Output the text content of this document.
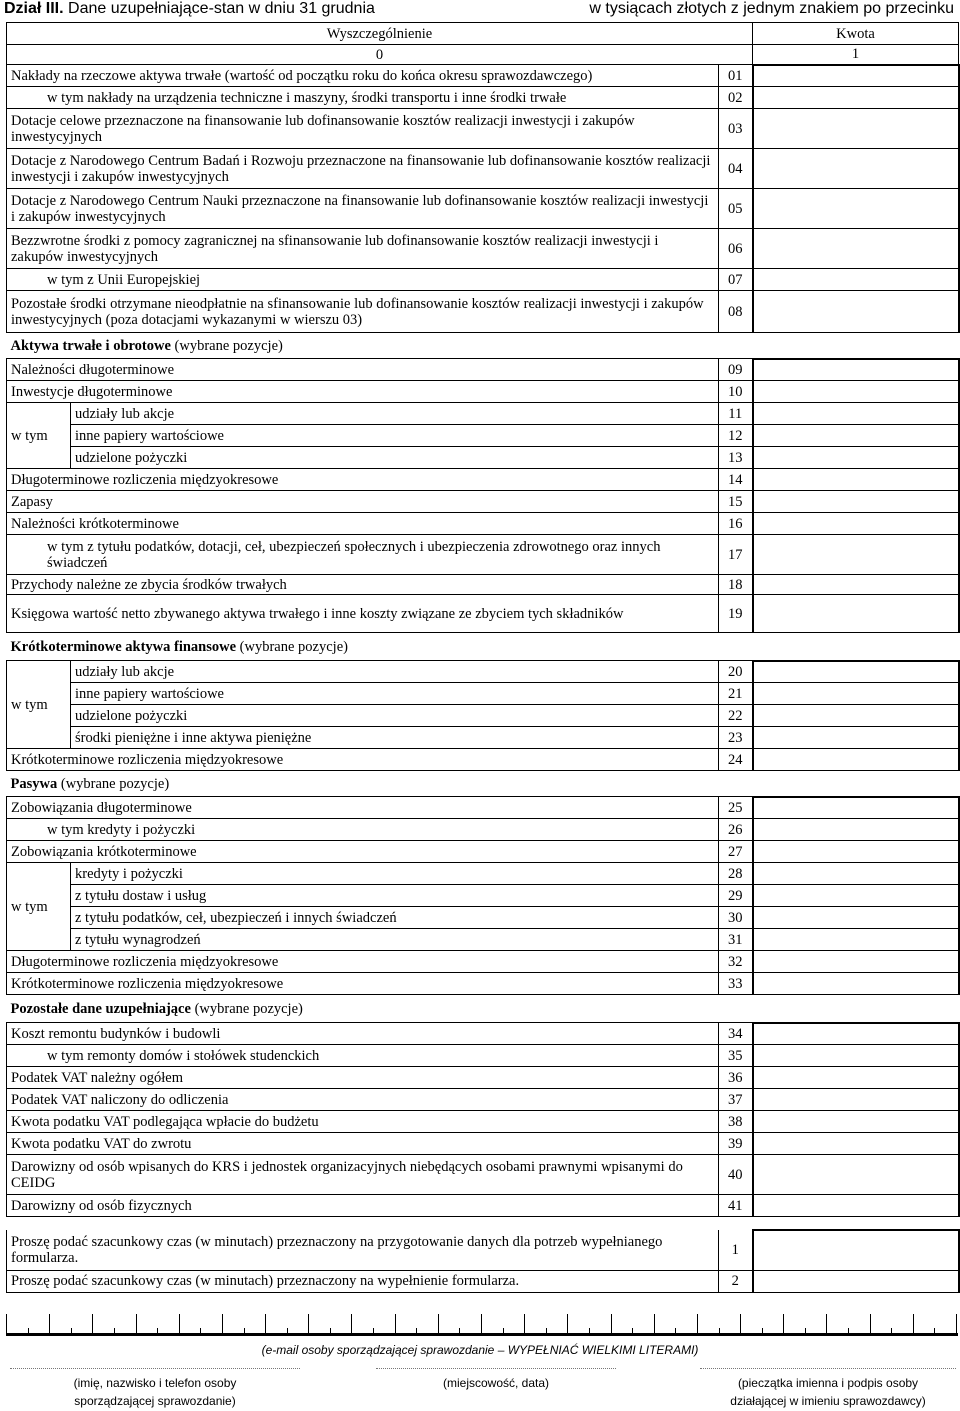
Dział III. Dane uzupełniające-stan w dniu 31 grudnia	w tysiącach złotych z jednym znakiem po przecinku
Wyszczególnienie			Kwota
0			1
Nakłady na rzeczowe aktywa trwałe (wartość od początku roku do końca okresu sprawozdawczego)		01	
w tym nakłady na urządzenia techniczne i maszyny, środki transportu i inne środki trwałe		02	
Dotacje celowe przeznaczone na finansowanie lub dofinansowanie kosztów realizacji inwestycji i zakupów inwestycyjnych		03	
Dotacje z Narodowego Centrum Badań i Rozwoju przeznaczone na finansowanie lub dofinansowanie kosztów realizacji inwestycji i zakupów inwestycyjnych		04	
Dotacje z Narodowego Centrum Nauki przeznaczone na finansowanie lub dofinansowanie kosztów realizacji inwestycji i zakupów inwestycyjnych		05	
Bezzwrotne środki z pomocy zagranicznej na sfinansowanie lub dofinansowanie kosztów realizacji inwestycji i zakupów inwestycyjnych		06	
w tym z Unii Europejskiej		07	
Pozostałe środki otrzymane nieodpłatnie na sfinansowanie lub dofinansowanie kosztów realizacji inwestycji i zakupów inwestycyjnych (poza dotacjami wykazanymi w wierszu 03)		08	
Aktywa trwałe i obrotowe (wybrane pozycje)			
Należności długoterminowe		09	
Inwestycje długoterminowe		10	
w tym	udziały lub akcje	11	
	inne papiery wartościowe	12	
	udzielone pożyczki	13	
Długoterminowe rozliczenia międzyokresowe		14	
Zapasy		15	
Należności krótkoterminowe		16	
w tym z tytułu podatków, dotacji, ceł, ubezpieczeń społecznych i ubezpieczenia zdrowotnego oraz innych świadczeń		17	
Przychody należne ze zbycia środków trwałych		18	
Księgowa wartość netto zbywanego aktywa trwałego i inne koszty związane ze zbyciem tych składników		19	
Krótkoterminowe aktywa finansowe (wybrane pozycje)			
w tym	udziały lub akcje	20	
	inne papiery wartościowe	21	
	udzielone pożyczki	22	
	środki pieniężne i inne aktywa pieniężne	23	
Krótkoterminowe rozliczenia międzyokresowe		24	
Pasywa (wybrane pozycje)			
Zobowiązania długoterminowe		25	
w tym kredyty i pożyczki		26	
Zobowiązania krótkoterminowe		27	
w tym	kredyty i pożyczki	28	
	z tytułu dostaw i usług	29	
	z tytułu podatków, ceł, ubezpieczeń i innych świadczeń	30	
	z tytułu wynagrodzeń	31	
Długoterminowe rozliczenia międzyokresowe		32	
Krótkoterminowe rozliczenia międzyokresowe		33	
Pozostałe dane uzupełniające (wybrane pozycje)			
Koszt remontu budynków i budowli		34	
w tym remonty domów i stołówek studenckich		35	
Podatek VAT należny ogółem		36	
Podatek VAT naliczony do odliczenia		37	
Kwota podatku VAT podlegająca wpłacie do budżetu		38	
Kwota podatku VAT do zwrotu		39	
Darowizny od osób wpisanych do KRS i jednostek organizacyjnych niebędących osobami prawnymi wpisanymi do CEIDG		40	
Darowizny od osób fizycznych		41	

Proszę podać szacunkowy czas (w minutach) przeznaczony na przygotowanie danych dla potrzeb wypełnianego formularza.		1	
Proszę podać szacunkowy czas (w minutach) przeznaczony na wypełnienie formularza.		2	
(e-mail osoby sporządzającej sprawozdanie – WYPEŁNIAĆ WIELKIMI LITERAMI)
(imię, nazwisko i telefon osoby
sporządzającej sprawozdanie)
(miejscowość, data)	(pieczątka imienna i podpis osoby
działającej w imieniu sprawozdawcy)
